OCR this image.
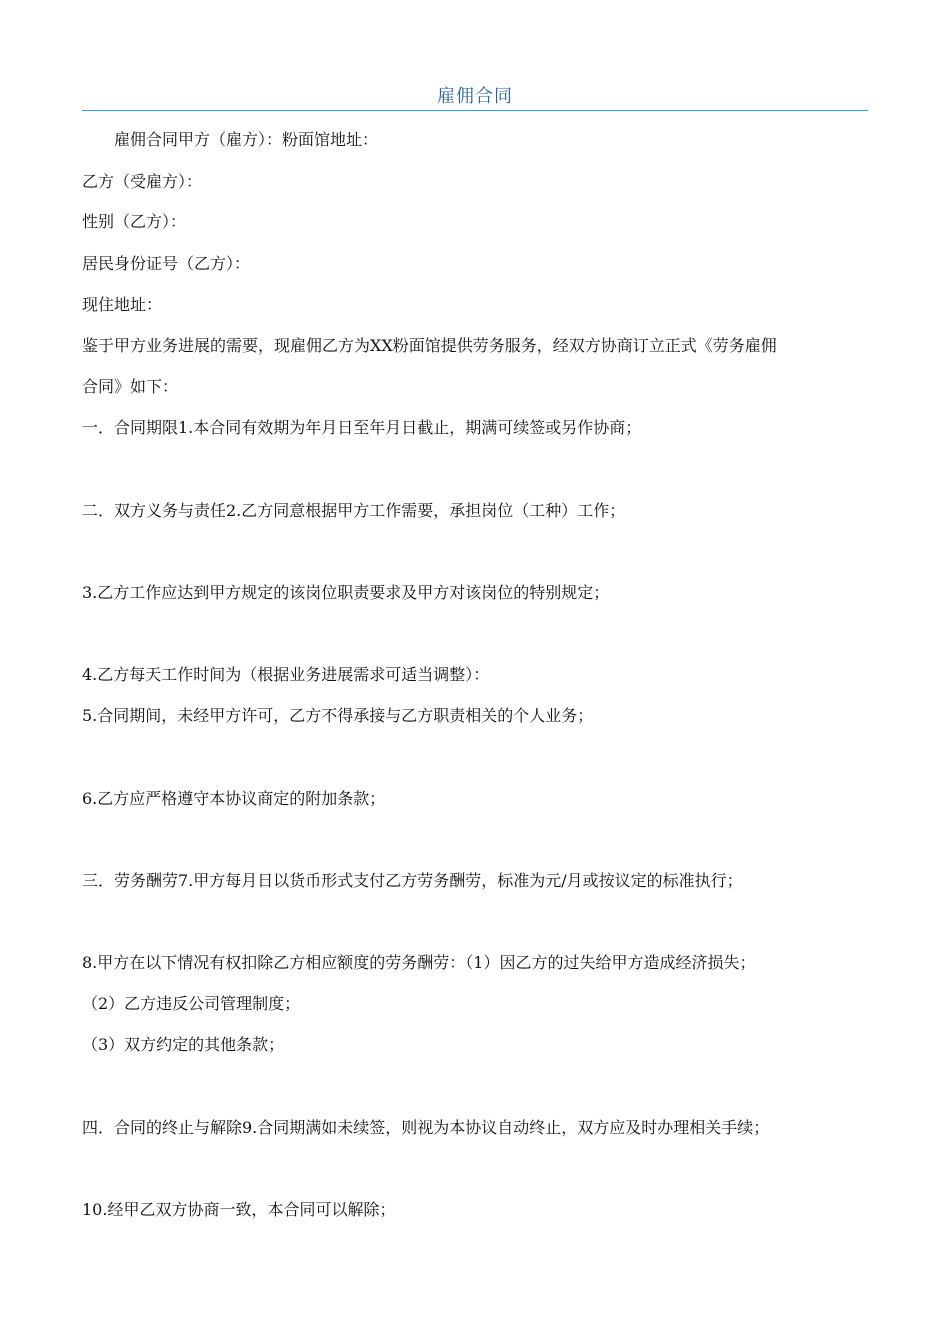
雇佣合同
　　雇佣合同甲方（雇方）：粉面馆地址：
乙方（受雇方）：
性别（乙方）：
居民身份证号（乙方）：
现住地址：
鉴于甲方业务进展的需要，现雇佣乙方为XX粉面馆提供劳务服务，经双方协商订立正式《劳务雇佣
合同》如下：
一．合同期限1.本合同有效期为年月日至年月日截止，期满可续签或另作协商；
二．双方义务与责任2.乙方同意根据甲方工作需要，承担岗位（工种）工作；
3.乙方工作应达到甲方规定的该岗位职责要求及甲方对该岗位的特别规定；
4.乙方每天工作时间为（根据业务进展需求可适当调整）：
5.合同期间，未经甲方许可，乙方不得承接与乙方职责相关的个人业务；
6.乙方应严格遵守本协议商定的附加条款；
三．劳务酬劳7.甲方每月日以货币形式支付乙方劳务酬劳，标准为元/月或按议定的标准执行；
8.甲方在以下情况有权扣除乙方相应额度的劳务酬劳：（1）因乙方的过失给甲方造成经济损失；
（2）乙方违反公司管理制度；
（3）双方约定的其他条款；
四．合同的终止与解除9.合同期满如未续签，则视为本协议自动终止，双方应及时办理相关手续；
10.经甲乙双方协商一致，本合同可以解除；
